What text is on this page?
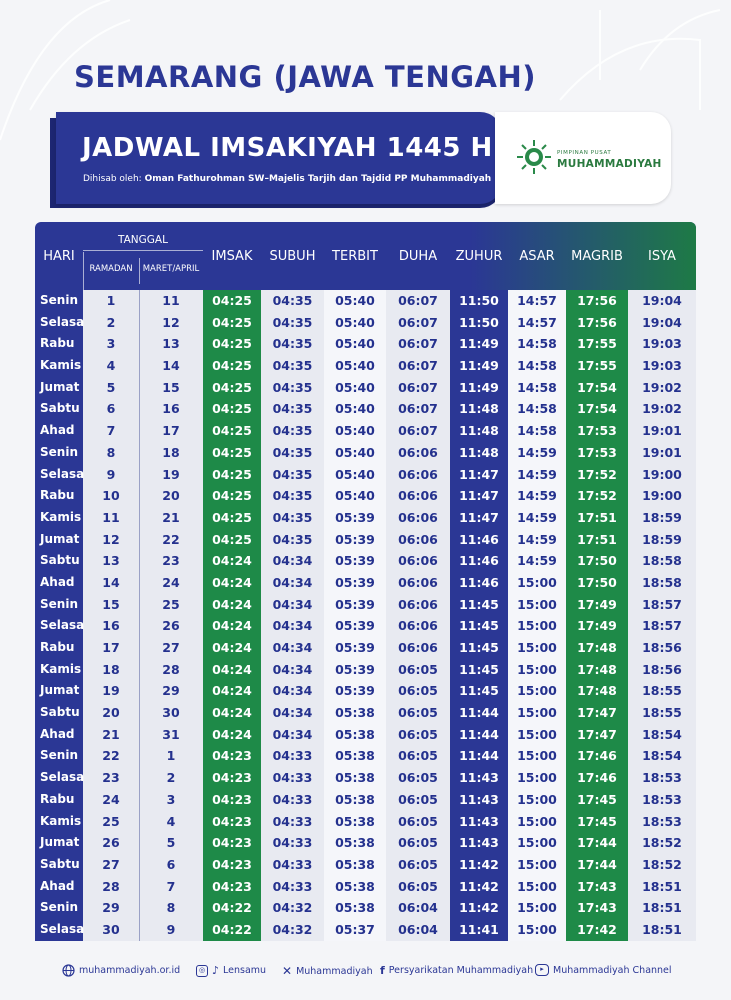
SEMARANG (JAWA TENGAH)
JADWAL IMSAKIYAH 1445 H
Dihisab oleh: Oman Fathurohman SW–Majelis Tarjih dan Tajdid PP Muhammadiyah
PIMPINAN PUSAT
MUHAMMADIYAH
HARI
TANGGAL
RAMADAN	MARET/APRIL
IMSAK	SUBUH	TERBIT	DUHA	ZUHUR	ASAR	MAGRIB	ISYA
Senin	1	11	04:25	04:35	05:40	06:07	11:50	14:57	17:56	19:04
Selasa	2	12	04:25	04:35	05:40	06:07	11:50	14:57	17:56	19:04
Rabu	3	13	04:25	04:35	05:40	06:07	11:49	14:58	17:55	19:03
Kamis	4	14	04:25	04:35	05:40	06:07	11:49	14:58	17:55	19:03
Jumat	5	15	04:25	04:35	05:40	06:07	11:49	14:58	17:54	19:02
Sabtu	6	16	04:25	04:35	05:40	06:07	11:48	14:58	17:54	19:02
Ahad	7	17	04:25	04:35	05:40	06:07	11:48	14:58	17:53	19:01
Senin	8	18	04:25	04:35	05:40	06:06	11:48	14:59	17:53	19:01
Selasa	9	19	04:25	04:35	05:40	06:06	11:47	14:59	17:52	19:00
Rabu	10	20	04:25	04:35	05:40	06:06	11:47	14:59	17:52	19:00
Kamis	11	21	04:25	04:35	05:39	06:06	11:47	14:59	17:51	18:59
Jumat	12	22	04:25	04:35	05:39	06:06	11:46	14:59	17:51	18:59
Sabtu	13	23	04:24	04:34	05:39	06:06	11:46	14:59	17:50	18:58
Ahad	14	24	04:24	04:34	05:39	06:06	11:46	15:00	17:50	18:58
Senin	15	25	04:24	04:34	05:39	06:06	11:45	15:00	17:49	18:57
Selasa	16	26	04:24	04:34	05:39	06:06	11:45	15:00	17:49	18:57
Rabu	17	27	04:24	04:34	05:39	06:06	11:45	15:00	17:48	18:56
Kamis	18	28	04:24	04:34	05:39	06:05	11:45	15:00	17:48	18:56
Jumat	19	29	04:24	04:34	05:39	06:05	11:45	15:00	17:48	18:55
Sabtu	20	30	04:24	04:34	05:38	06:05	11:44	15:00	17:47	18:55
Ahad	21	31	04:24	04:34	05:38	06:05	11:44	15:00	17:47	18:54
Senin	22	1	04:23	04:33	05:38	06:05	11:44	15:00	17:46	18:54
Selasa	23	2	04:23	04:33	05:38	06:05	11:43	15:00	17:46	18:53
Rabu	24	3	04:23	04:33	05:38	06:05	11:43	15:00	17:45	18:53
Kamis	25	4	04:23	04:33	05:38	06:05	11:43	15:00	17:45	18:53
Jumat	26	5	04:23	04:33	05:38	06:05	11:43	15:00	17:44	18:52
Sabtu	27	6	04:23	04:33	05:38	06:05	11:42	15:00	17:44	18:52
Ahad	28	7	04:23	04:33	05:38	06:05	11:42	15:00	17:43	18:51
Senin	29	8	04:22	04:32	05:38	06:04	11:42	15:00	17:43	18:51
Selasa	30	9	04:22	04:32	05:37	06:04	11:41	15:00	17:42	18:51
muhammadiyah.or.id	◎ ♪ Lensamu ✕ Muhammadiyah f Persyarikatan Muhammadiyah	▸ Muhammadiyah Channel
